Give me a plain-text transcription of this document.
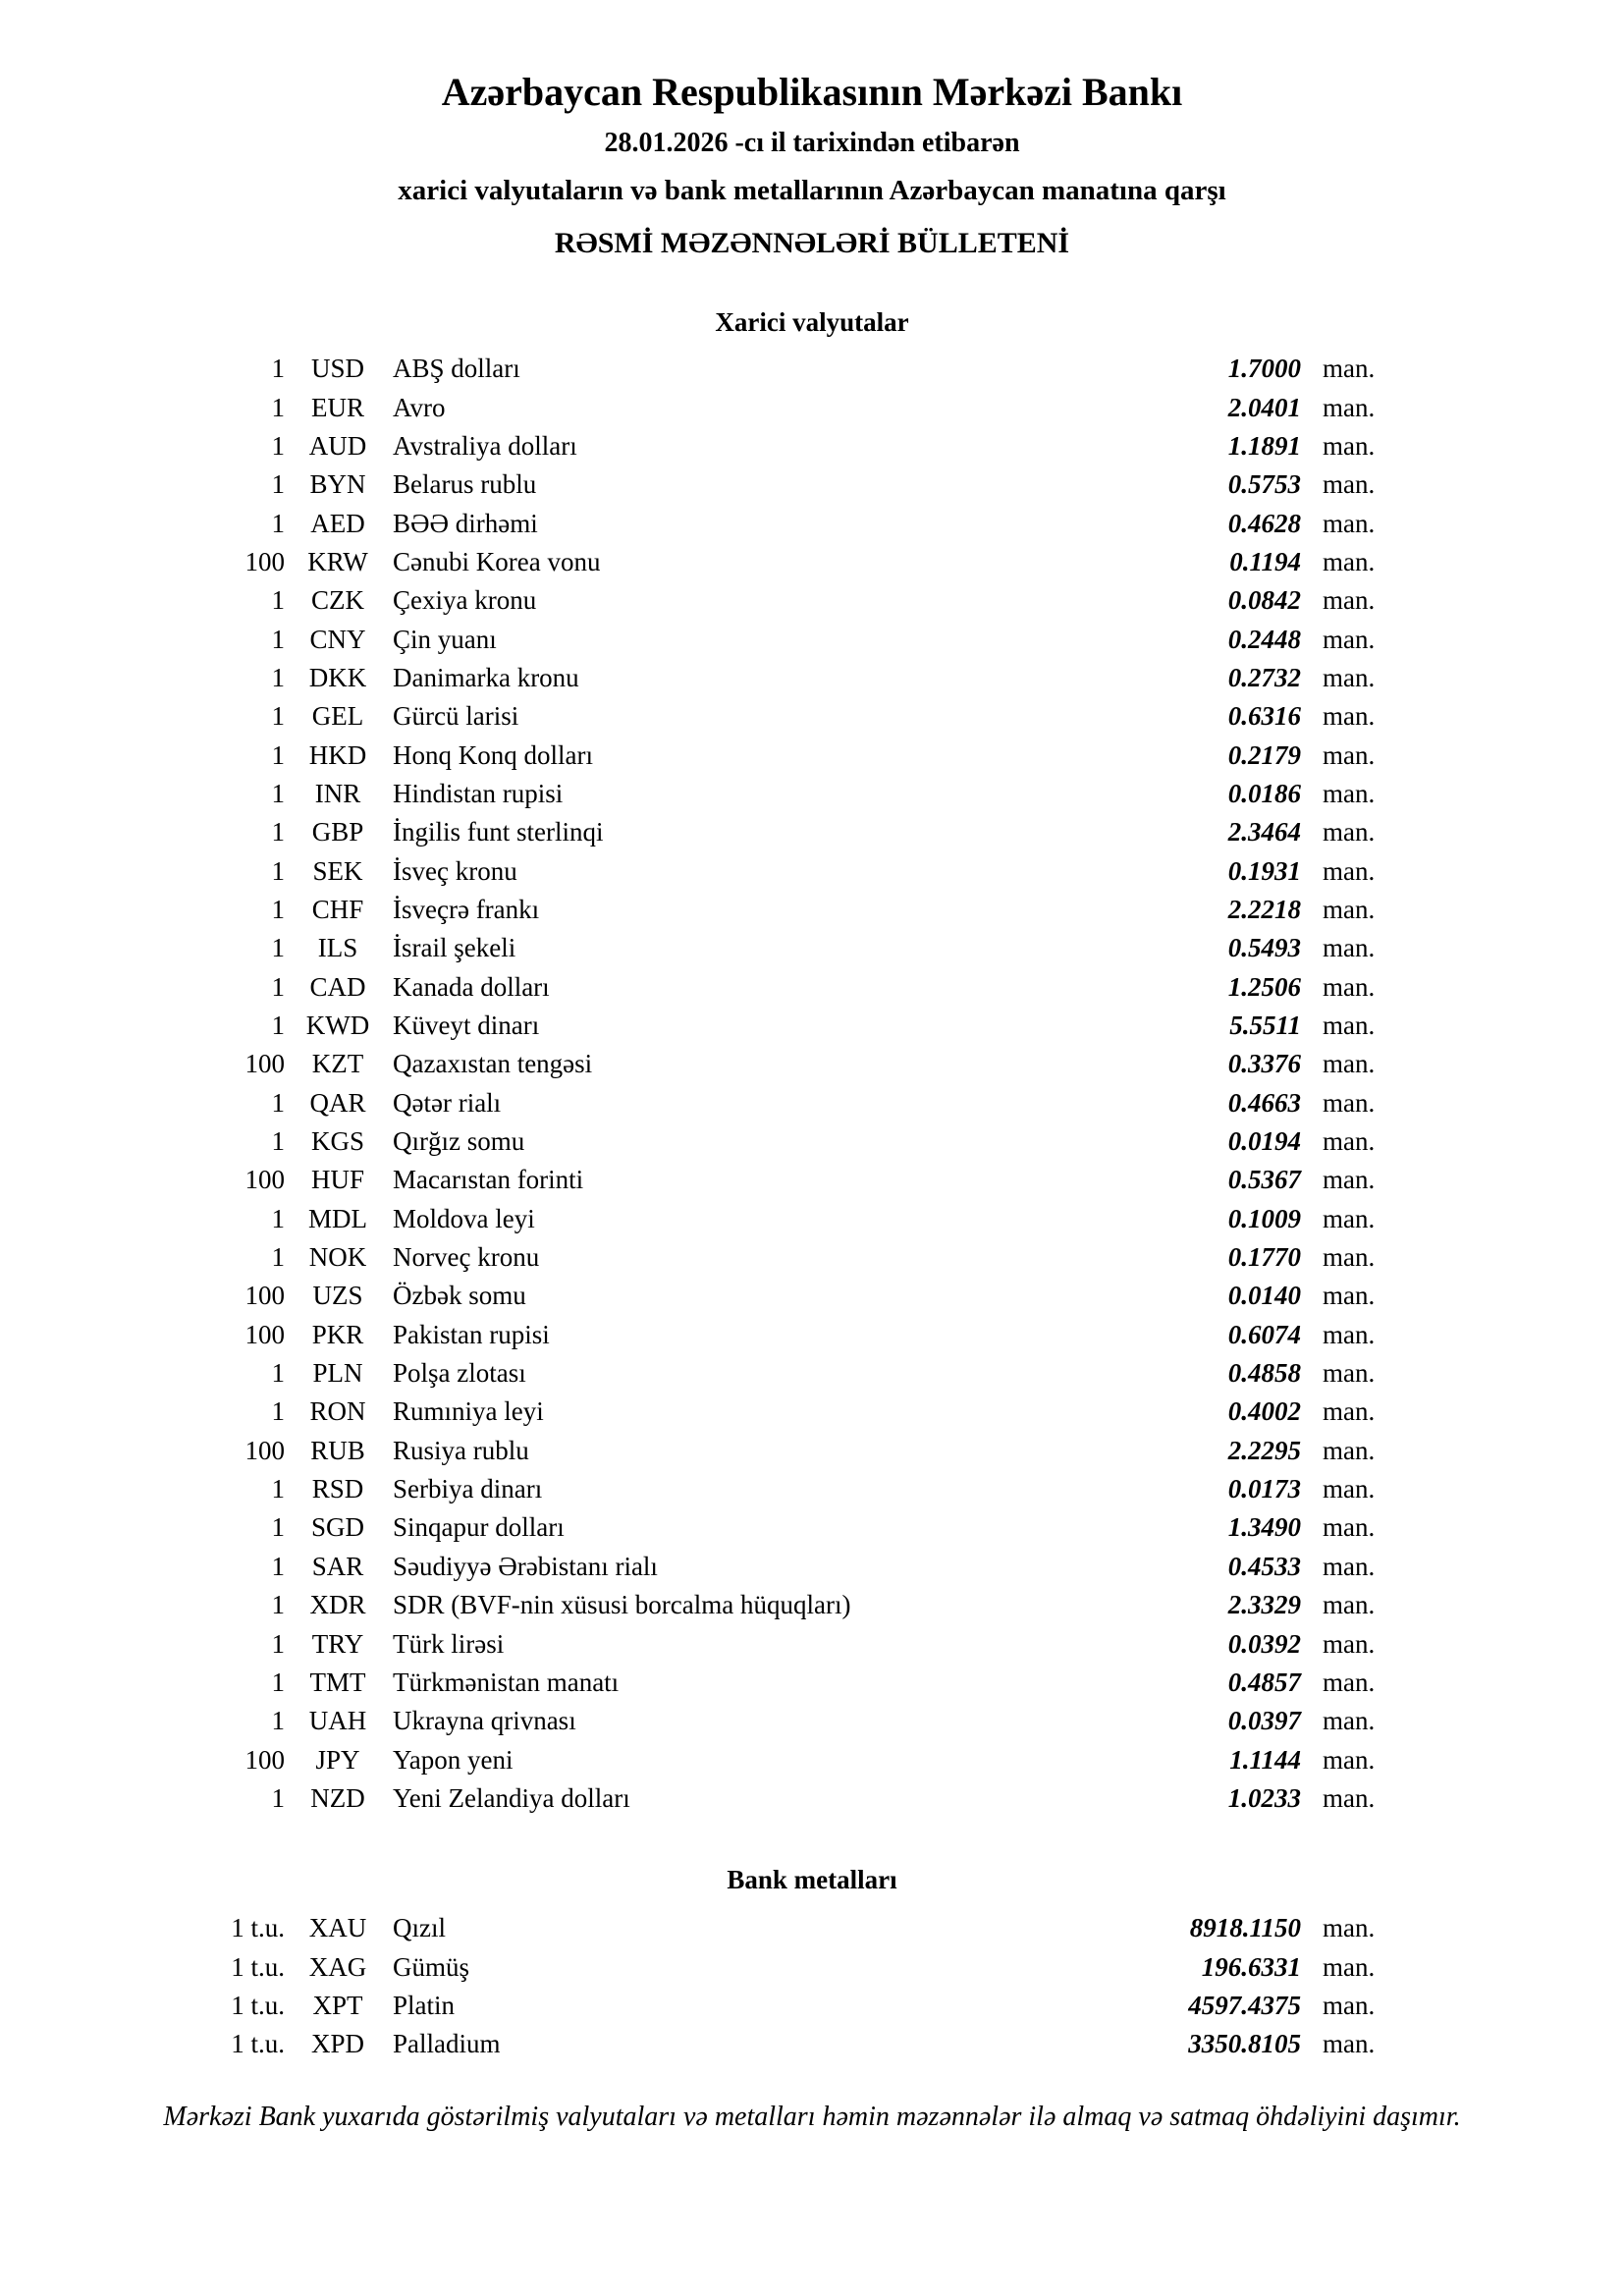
Azərbaycan Respublikasının Mərkəzi Bankı
28.01.2026 -cı il tarixindən etibarən
xarici valyutaların və bank metallarının Azərbaycan manatına qarşı
RƏSMİ MƏZƏNNƏLƏRİ BÜLLETENİ
Xarici valyutalar
1 USD	ABŞ dolları	1.7000 man.
1	EUR	Avro	2.0401 man.
1 AUD Avstraliya dolları	1.1891 man.
1 BYN	Belarus rublu	0.5753 man.
1 AED	BƏƏ dirhəmi	0.4628 man.
100 KRW Cənubi Korea vonu	0.1194 man.
1	CZK	Çexiya kronu	0.0842 man.
1 CNY	Çin yuanı	0.2448 man.
1 DKK Danimarka kronu	0.2732 man.
1	GEL	Gürcü larisi	0.6316 man.
1 HKD Honq Konq dolları	0.2179 man.
1	INR	Hindistan rupisi	0.0186 man.
1	GBP	İngilis funt sterlinqi	2.3464 man.
1	SEK	İsveç kronu	0.1931 man.
1	CHF	İsveçrə frankı	2.2218 man.
1	ILS	İsrail şekeli	0.5493 man.
1 CAD	Kanada dolları	1.2506 man.
1 KWD Küveyt dinarı	5.5511 man.
100	KZT	Qazaxıstan tengəsi	0.3376 man.
1 QAR	Qətər rialı	0.4663 man.
1 KGS	Qırğız somu	0.0194 man.
100 HUF	Macarıstan forinti	0.5367 man.
1 MDL Moldova leyi	0.1009 man.
1 NOK Norveç kronu	0.1770 man.
100	UZS	Özbək somu	0.0140 man.
100	PKR	Pakistan rupisi	0.6074 man.
1	PLN	Polşa zlotası	0.4858 man.
1 RON	Rumıniya leyi	0.4002 man.
100 RUB	Rusiya rublu	2.2295 man.
1	RSD	Serbiya dinarı	0.0173 man.
1 SGD	Sinqapur dolları	1.3490 man.
1	SAR	Səudiyyə Ərəbistanı rialı	0.4533 man.
1 XDR	SDR (BVF-nin xüsusi borcalma hüquqları)	2.3329 man.
1	TRY	Türk lirəsi	0.0392 man.
1 TMT	Türkmənistan manatı	0.4857 man.
1 UAH Ukrayna qrivnası	0.0397 man.
100	JPY	Yapon yeni	1.1144 man.
1 NZD	Yeni Zelandiya dolları	1.0233 man.
Bank metalları
1 t.u. XAU Qızıl	8918.1150 man.
1 t.u. XAG Gümüş	196.6331 man.
1 t.u.	XPT	Platin	4597.4375 man.
1 t.u. XPD	Palladium	3350.8105 man.
Mərkəzi Bank yuxarıda göstərilmiş valyutaları və metalları həmin məzənnələr ilə almaq və satmaq öhdəliyini daşımır.
